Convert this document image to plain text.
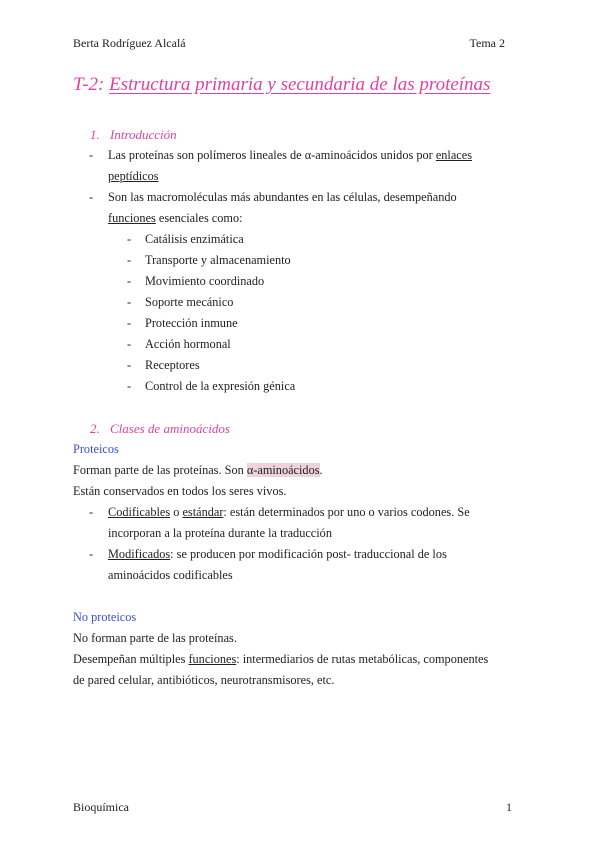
Berta Rodríguez Alcalá	Tema 2
T-2: Estructura primaria y secundaria de las proteínas
1. Introducción
- Las proteínas son polímeros lineales de α-aminoácidos unidos por enlaces
peptídicos
- Son las macromoléculas más abundantes en las células, desempeñando
funciones esenciales como:
- Catálisis enzimática
- Transporte y almacenamiento
- Movimiento coordinado
- Soporte mecánico
- Protección inmune
- Acción hormonal
- Receptores
- Control de la expresión génica
2. Clases de aminoácidos
Proteicos
Forman parte de las proteínas. Son α-aminoácidos.
Están conservados en todos los seres vivos.
- Codificables o estándar: están determinados por uno o varios codones. Se
incorporan a la proteína durante la traducción
- Modificados: se producen por modificación post- traduccional de los
aminoácidos codificables
No proteicos
No forman parte de las proteínas.
Desempeñan múltiples funciones: intermediarios de rutas metabólicas, componentes
de pared celular, antibióticos, neurotransmisores, etc.
Bioquímica	1
